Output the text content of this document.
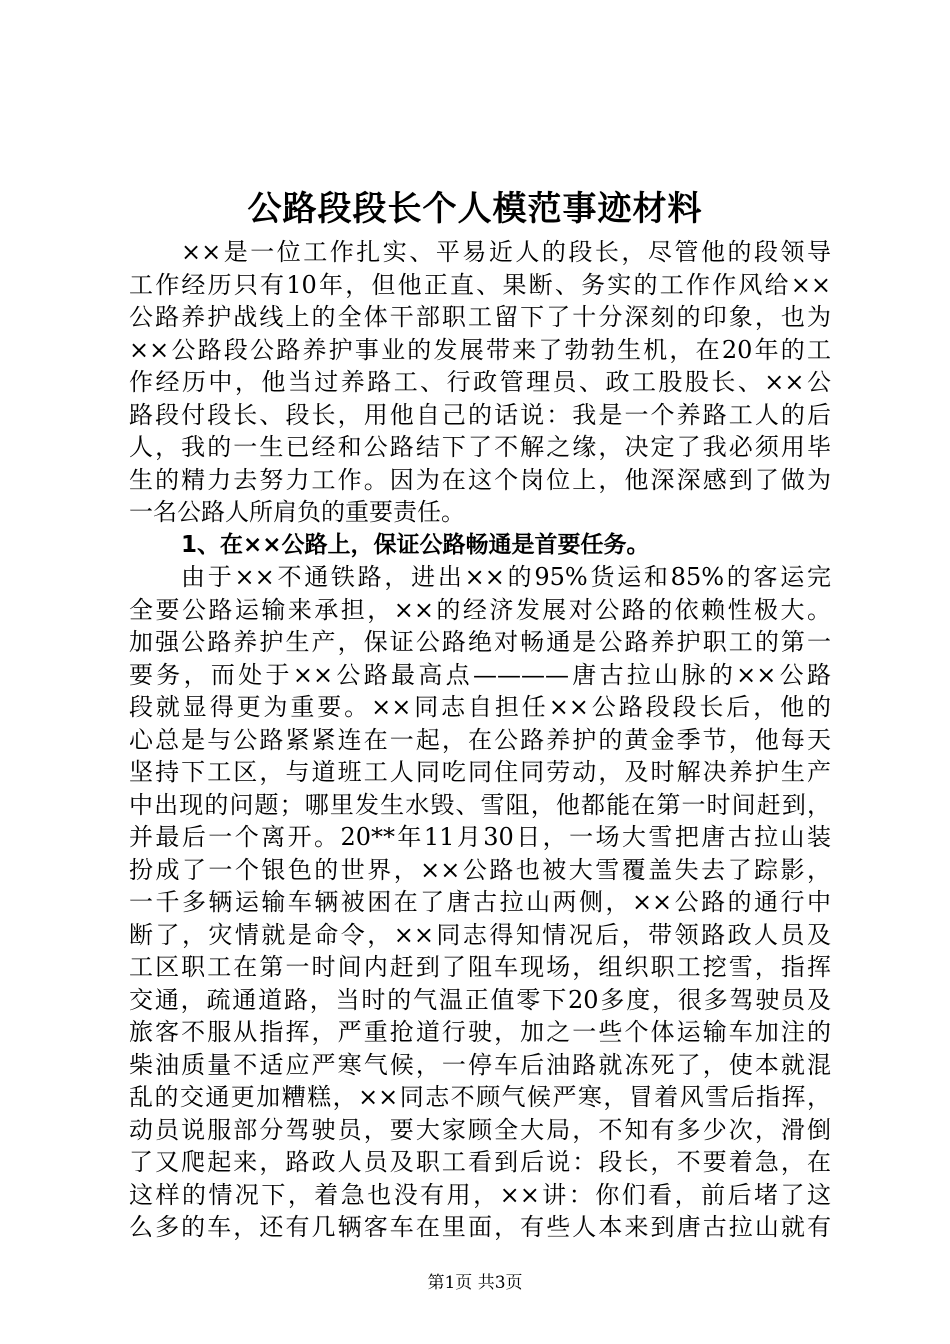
公路段段长个人模范事迹材料
××是一位工作扎实、平易近人的段长，尽管他的段领导
工作经历只有10年，但他正直、果断、务实的工作作风给××
公路养护战线上的全体干部职工留下了十分深刻的印象，也为
××公路段公路养护事业的发展带来了勃勃生机，在20年的工
作经历中，他当过养路工、行政管理员、政工股股长、××公
路段付段长、段长，用他自己的话说：我是一个养路工人的后
人，我的一生已经和公路结下了不解之缘，决定了我必须用毕
生的精力去努力工作。因为在这个岗位上，他深深感到了做为
一名公路人所肩负的重要责任。
1、在××公路上，保证公路畅通是首要任务。
由于××不通铁路，进出××的95%货运和85%的客运完
全要公路运输来承担，××的经济发展对公路的依赖性极大。
加强公路养护生产，保证公路绝对畅通是公路养护职工的第一
要务，而处于××公路最高点————唐古拉山脉的××公路
段就显得更为重要。××同志自担任××公路段段长后，他的
心总是与公路紧紧连在一起，在公路养护的黄金季节，他每天
坚持下工区，与道班工人同吃同住同劳动，及时解决养护生产
中出现的问题；哪里发生水毁、雪阻，他都能在第一时间赶到，
并最后一个离开。20**年11月30日，一场大雪把唐古拉山装
扮成了一个银色的世界，××公路也被大雪覆盖失去了踪影，
一千多辆运输车辆被困在了唐古拉山两侧，××公路的通行中
断了，灾情就是命令，××同志得知情况后，带领路政人员及
工区职工在第一时间内赶到了阻车现场，组织职工挖雪，指挥
交通，疏通道路，当时的气温正值零下20多度，很多驾驶员及
旅客不服从指挥，严重抢道行驶，加之一些个体运输车加注的
柴油质量不适应严寒气候，一停车后油路就冻死了，使本就混
乱的交通更加糟糕，××同志不顾气候严寒，冒着风雪后指挥，
动员说服部分驾驶员，要大家顾全大局，不知有多少次，滑倒
了又爬起来，路政人员及职工看到后说：段长，不要着急，在
这样的情况下，着急也没有用，××讲：你们看，前后堵了这
么多的车，还有几辆客车在里面，有些人本来到唐古拉山就有

第1页 共3页
